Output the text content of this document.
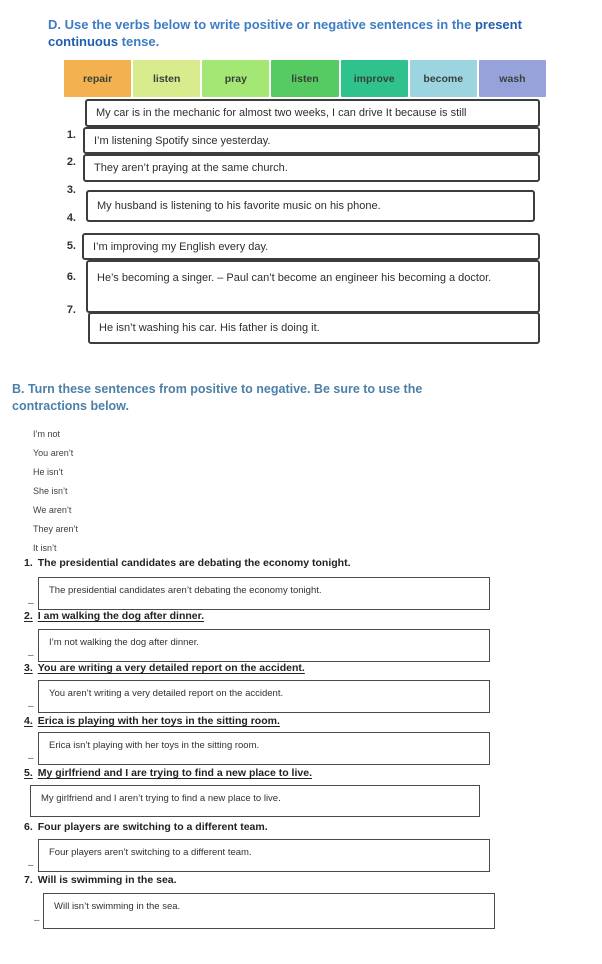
D. Use the verbs below to write positive or negative sentences in the present
continuous tense.
repair	listen	pray	listen	improve	become	wash
1.
2.
3.
4.
5.
6.
7.
My car is in the mechanic for almost two weeks, I can drive It because is still
I’m listening Spotify since yesterday.
They aren’t praying at the same church.
My husband is listening to his favorite music on his phone.
I’m improving my English every day.
He’s becoming a singer. – Paul can’t become an engineer his becoming a doctor.
He isn’t washing his car. His father is doing it.
B. Turn these sentences from positive to negative. Be sure to use the
contractions below.
I’m not
You aren’t
He isn’t
She isn’t
We aren’t
They aren’t
It isn’t
1. The presidential candidates are debating the economy tonight.
The presidential candidates aren’t debating the economy tonight.
–
2. I am walking the dog after dinner.
I’m not walking the dog after dinner.
–
3. You are writing a very detailed report on the accident.
You aren’t writing a very detailed report on the accident.
–
4. Erica is playing with her toys in the sitting room.
Erica isn’t playing with her toys in the sitting room.
–
5. My girlfriend and I are trying to find a new place to live.
My girlfriend and I aren’t trying to find a new place to live.
6. Four players are switching to a different team.
Four players aren’t switching to a different team.
–
7. Will is swimming in the sea.
Will isn’t swimming in the sea.
–
